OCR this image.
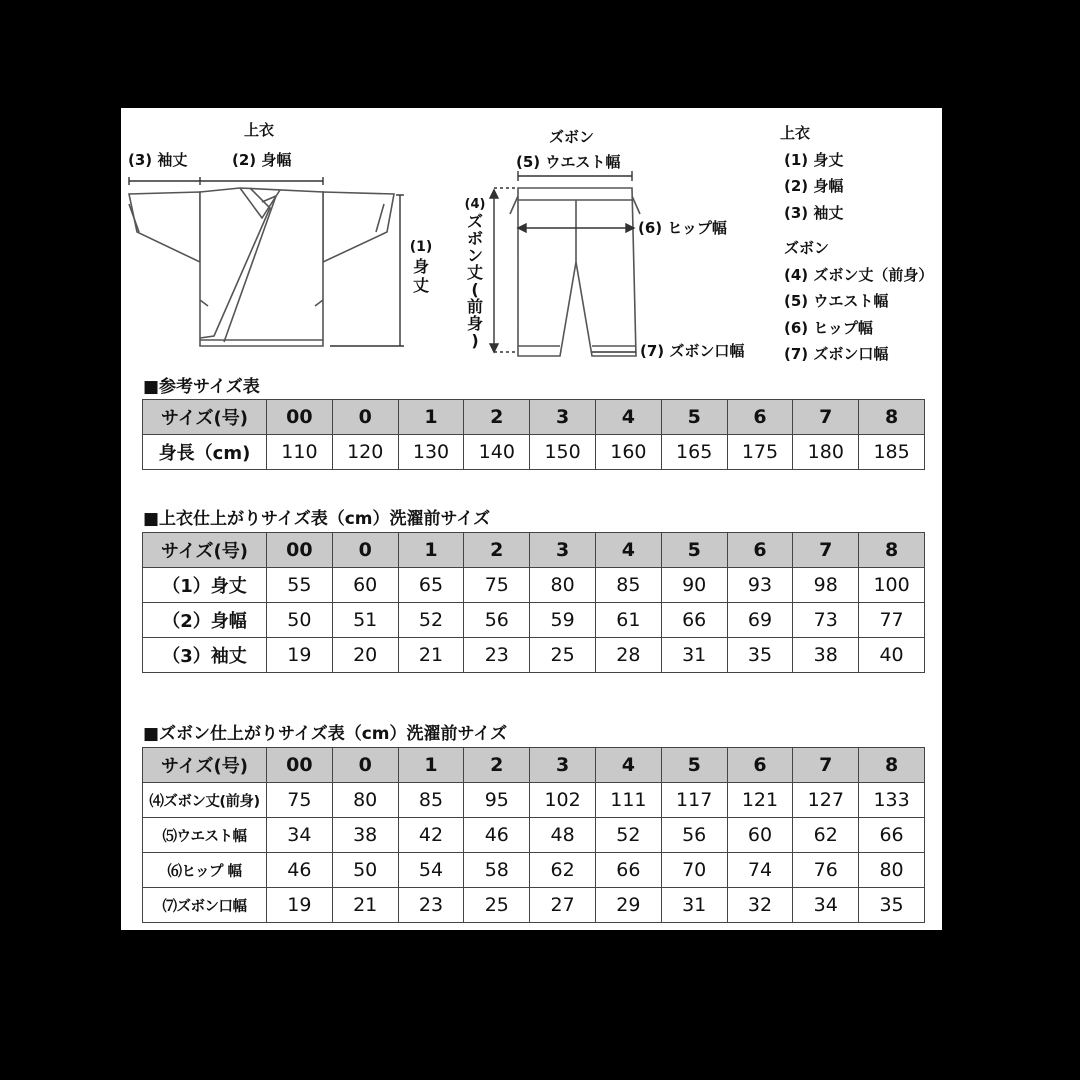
上衣
(3) 袖丈	(2) 身幅
(1)
身
丈
ズボン
(5) ウエスト幅
(6) ヒップ幅
(7) ズボン口幅
(4)
ズ
ボ
ン
丈
(
前
身
)
上衣
(1) 身丈
(2) 身幅
(3) 袖丈
ズボン
(4) ズボン丈（前身）
(5) ウエスト幅
(6) ヒップ幅
(7) ズボン口幅
■参考サイズ表
サイズ(号)	00	0	1	2	3	4	5	6	7	8
身長（cm)	110	120	130	140	150	160	165	175	180	185
■上衣仕上がりサイズ表（cm）洗濯前サイズ
サイズ(号)	00	0	1	2	3	4	5	6	7	8
（1）身丈	55	60	65	75	80	85	90	93	98	100
（2）身幅	50	51	52	56	59	61	66	69	73	77
（3）袖丈	19	20	21	23	25	28	31	35	38	40
■ズボン仕上がりサイズ表（cm）洗濯前サイズ
サイズ(号)	00	0	1	2	3	4	5	6	7	8
⑷ズボン丈(前身)	75	80	85	95	102	111	117	121	127	133
⑸ウエスト幅	34	38	42	46	48	52	56	60	62	66
⑹ヒップ 幅	46	50	54	58	62	66	70	74	76	80
⑺ズボン口幅	19	21	23	25	27	29	31	32	34	35
